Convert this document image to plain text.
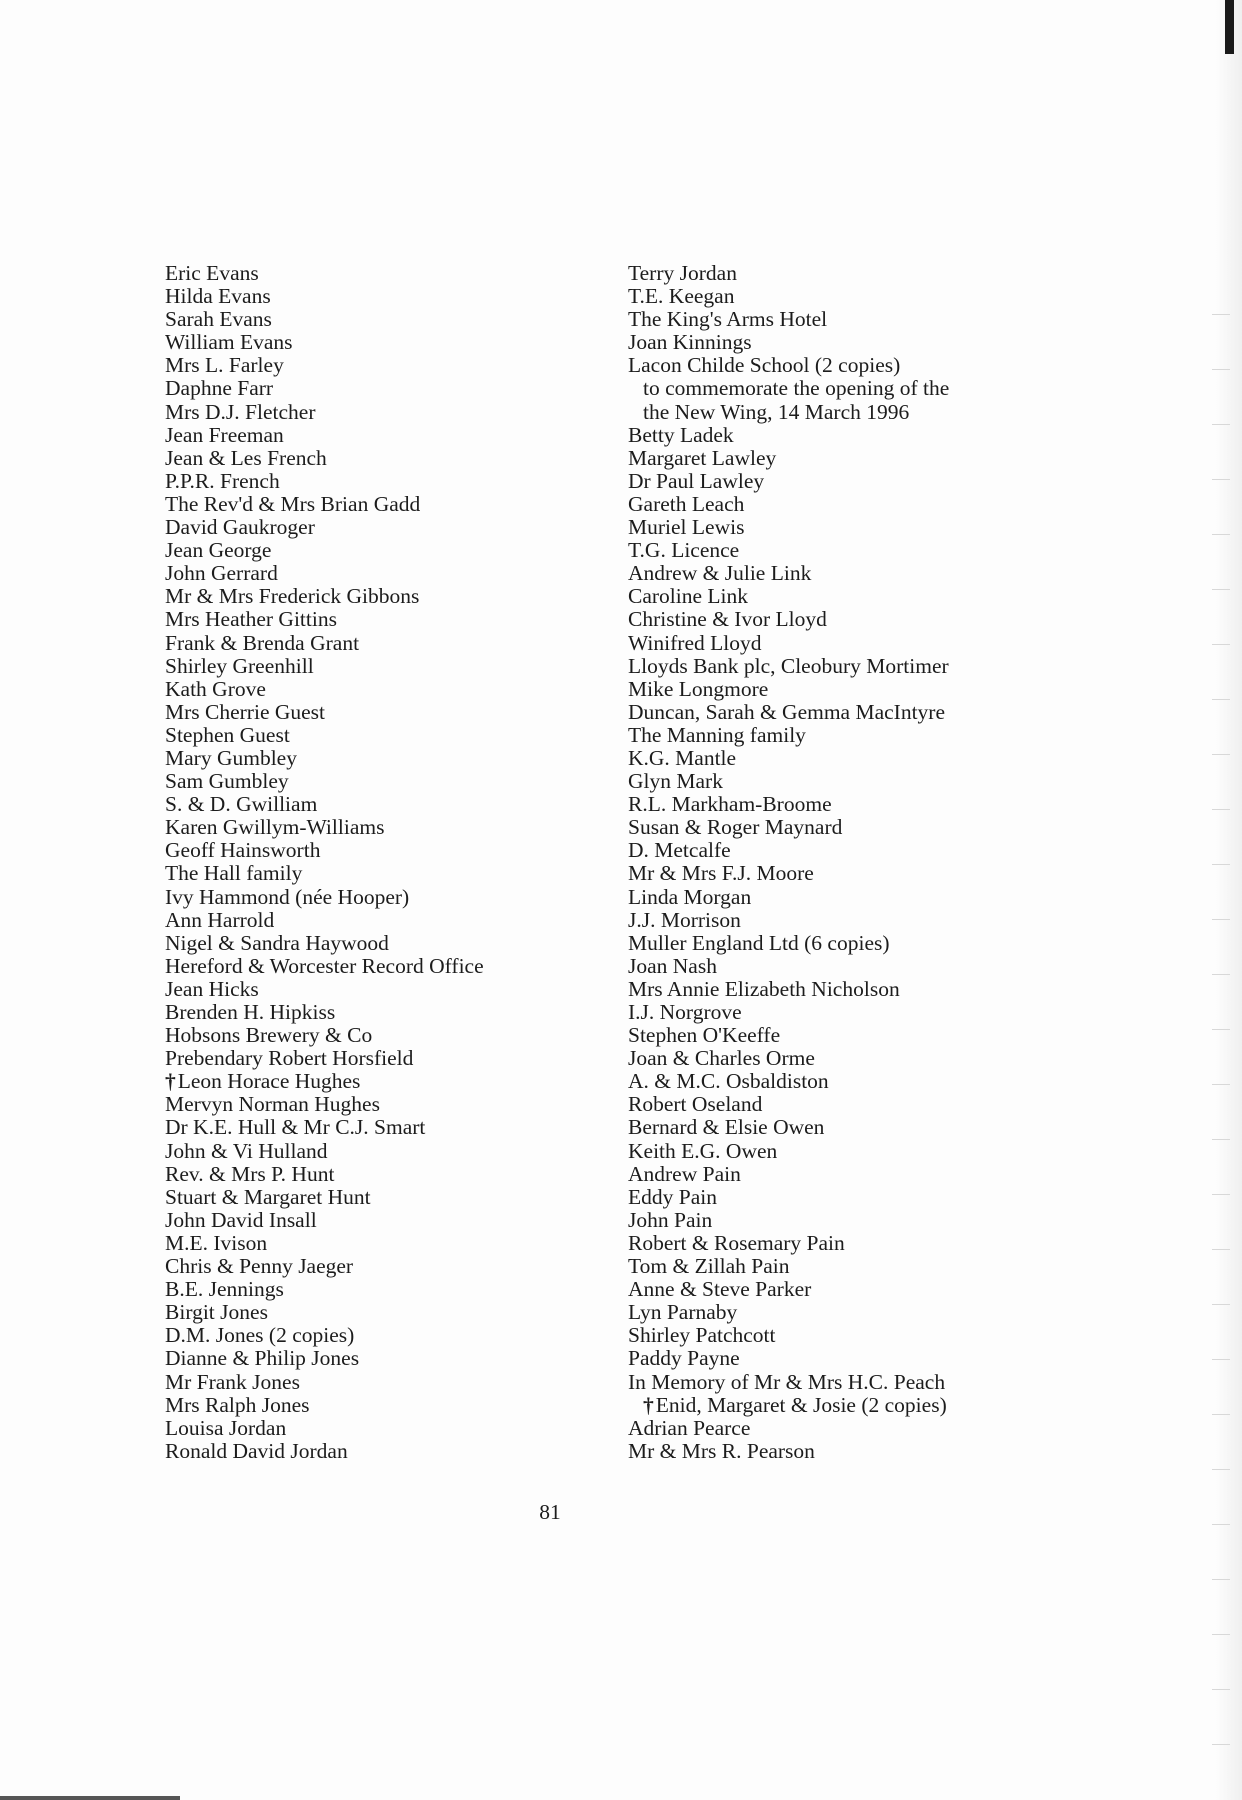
Eric Evans
Hilda Evans
Sarah Evans
William Evans
Mrs L. Farley
Daphne Farr
Mrs D.J. Fletcher
Jean Freeman
Jean & Les French
P.P.R. French
The Rev'd & Mrs Brian Gadd
David Gaukroger
Jean George
John Gerrard
Mr & Mrs Frederick Gibbons
Mrs Heather Gittins
Frank & Brenda Grant
Shirley Greenhill
Kath Grove
Mrs Cherrie Guest
Stephen Guest
Mary Gumbley
Sam Gumbley
S. & D. Gwilliam
Karen Gwillym-Williams
Geoff Hainsworth
The Hall family
Ivy Hammond (née Hooper)
Ann Harrold
Nigel & Sandra Haywood
Hereford & Worcester Record Office
Jean Hicks
Brenden H. Hipkiss
Hobsons Brewery & Co
Prebendary Robert Horsfield
†Leon Horace Hughes
Mervyn Norman Hughes
Dr K.E. Hull & Mr C.J. Smart
John & Vi Hulland
Rev. & Mrs P. Hunt
Stuart & Margaret Hunt
John David Insall
M.E. Ivison
Chris & Penny Jaeger
B.E. Jennings
Birgit Jones
D.M. Jones (2 copies)
Dianne & Philip Jones
Mr Frank Jones
Mrs Ralph Jones
Louisa Jordan
Ronald David Jordan
Terry Jordan
T.E. Keegan
The King's Arms Hotel
Joan Kinnings
Lacon Childe School (2 copies)
to commemorate the opening of the
the New Wing, 14 March 1996
Betty Ladek
Margaret Lawley
Dr Paul Lawley
Gareth Leach
Muriel Lewis
T.G. Licence
Andrew & Julie Link
Caroline Link
Christine & Ivor Lloyd
Winifred Lloyd
Lloyds Bank plc, Cleobury Mortimer
Mike Longmore
Duncan, Sarah & Gemma MacIntyre
The Manning family
K.G. Mantle
Glyn Mark
R.L. Markham-Broome
Susan & Roger Maynard
D. Metcalfe
Mr & Mrs F.J. Moore
Linda Morgan
J.J. Morrison
Muller England Ltd (6 copies)
Joan Nash
Mrs Annie Elizabeth Nicholson
I.J. Norgrove
Stephen O'Keeffe
Joan & Charles Orme
A. & M.C. Osbaldiston
Robert Oseland
Bernard & Elsie Owen
Keith E.G. Owen
Andrew Pain
Eddy Pain
John Pain
Robert & Rosemary Pain
Tom & Zillah Pain
Anne & Steve Parker
Lyn Parnaby
Shirley Patchcott
Paddy Payne
In Memory of Mr & Mrs H.C. Peach
†Enid, Margaret & Josie (2 copies)
Adrian Pearce
Mr & Mrs R. Pearson
81
